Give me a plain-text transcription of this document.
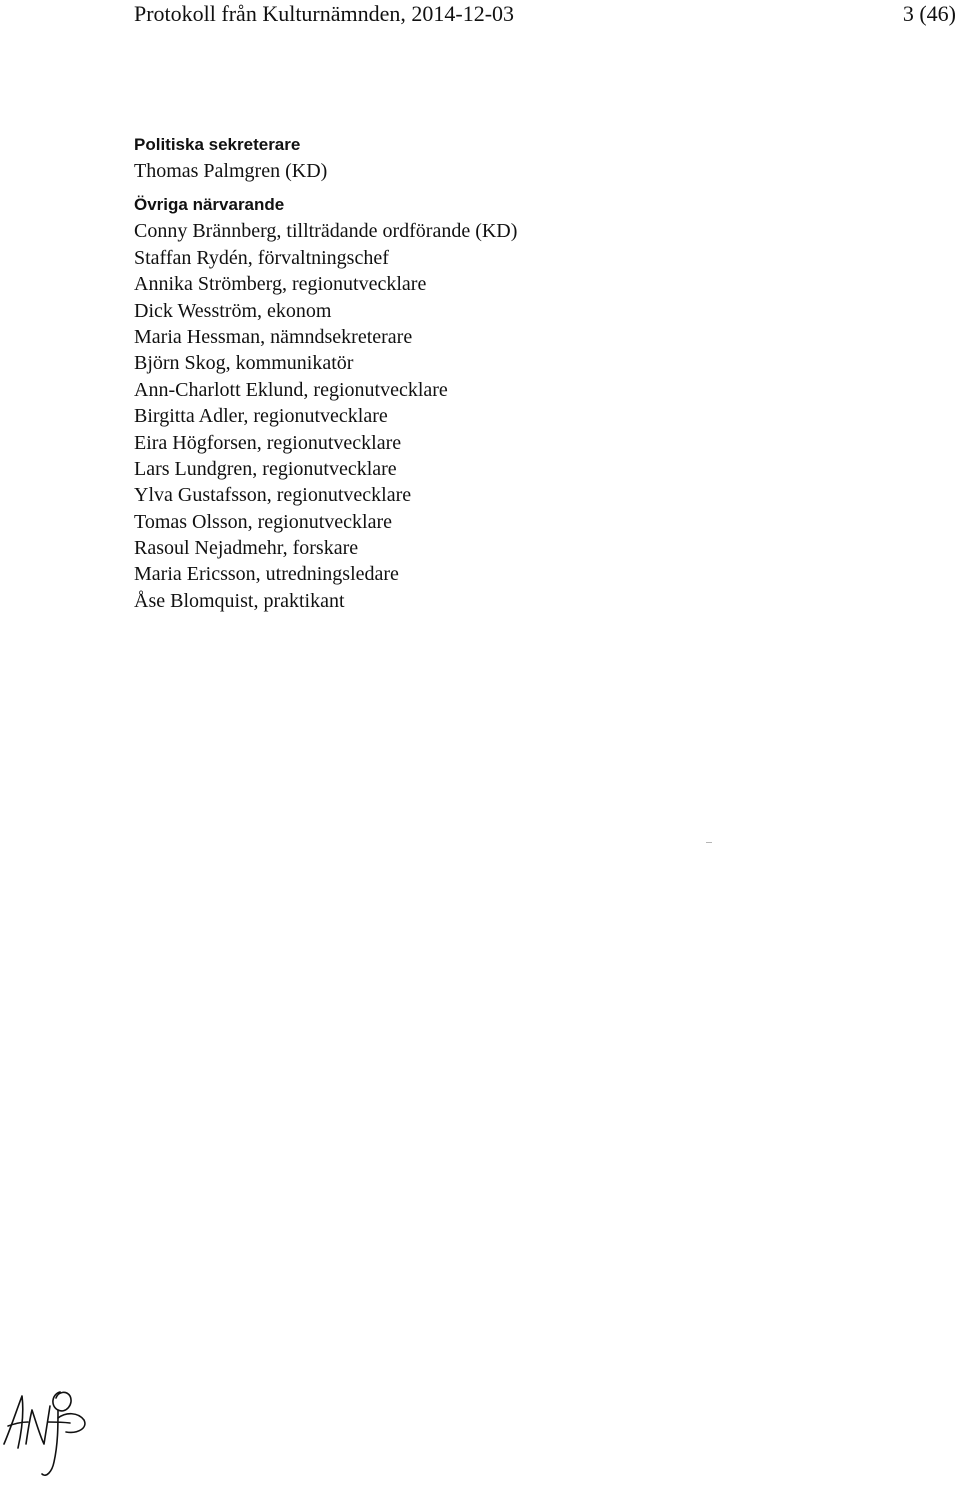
Protokoll från Kulturnämnden, 2014-12-03	3 (46)
Politiska sekreterare
Thomas Palmgren (KD)
Övriga närvarande
Conny Brännberg, tillträdande ordförande (KD)
Staffan Rydén, förvaltningschef
Annika Strömberg, regionutvecklare
Dick Wesström, ekonom
Maria Hessman, nämndsekreterare
Björn Skog, kommunikatör
Ann-Charlott Eklund, regionutvecklare
Birgitta Adler, regionutvecklare
Eira Högforsen, regionutvecklare
Lars Lundgren, regionutvecklare
Ylva Gustafsson, regionutvecklare
Tomas Olsson, regionutvecklare
Rasoul Nejadmehr, forskare
Maria Ericsson, utredningsledare
Åse Blomquist, praktikant
